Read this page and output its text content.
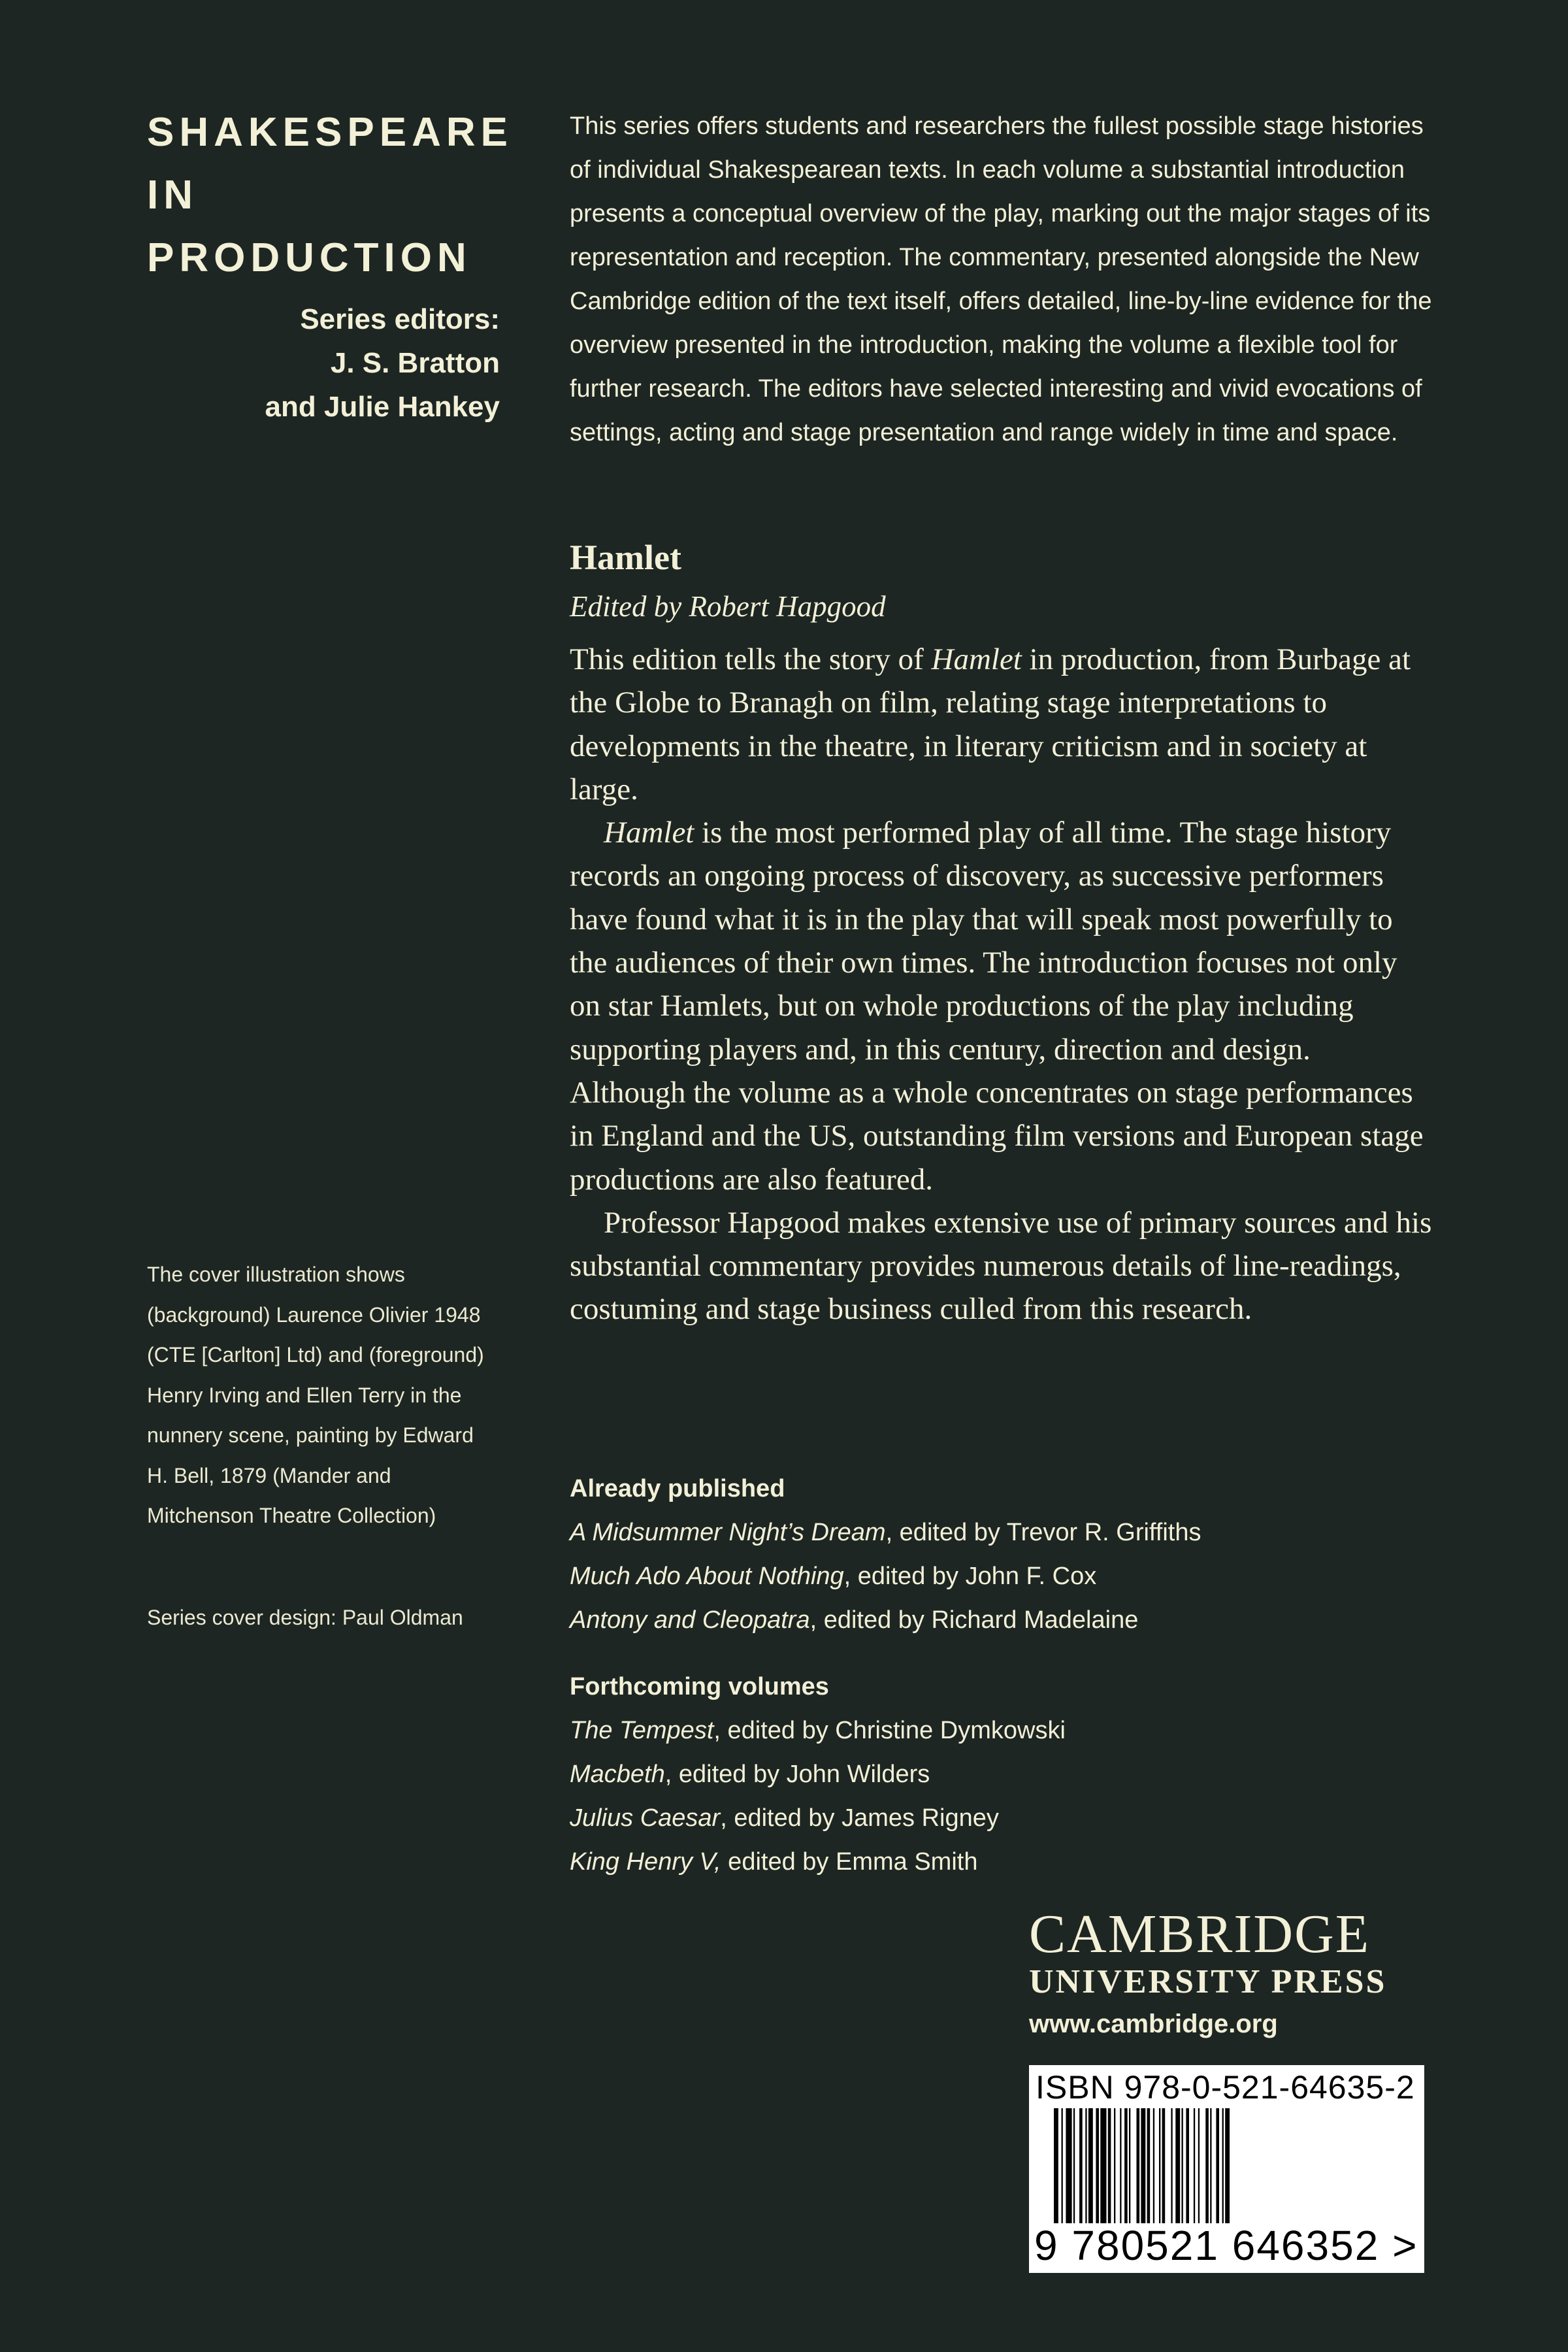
SHAKESPEARE
IN PRODUCTION
Series editors:
J. S. Bratton
and Julie Hankey
The cover illustration shows (background) Laurence Olivier 1948 (CTE [Carlton] Ltd) and (foreground) Henry Irving and Ellen Terry in the nunnery scene, painting by Edward H. Bell, 1879 (Mander and Mitchenson Theatre Collection)
Series cover design: Paul Oldman

This series offers students and researchers the fullest possible stage histories of individual Shakespearean texts. In each volume a substantial introduction presents a conceptual overview of the play, marking out the major stages of its representation and reception. The commentary, presented alongside the New Cambridge edition of the text itself, offers detailed, line-by-line evidence for the overview presented in the introduction, making the volume a flexible tool for further research. The editors have selected interesting and vivid evocations of settings, acting and stage presentation and range widely in time and space.

Hamlet
Edited by Robert Hapgood

This edition tells the story of Hamlet in production, from Burbage at the Globe to Branagh on film, relating stage interpretations to developments in the theatre, in literary criticism and in society at large.

Hamlet is the most performed play of all time. The stage history records an ongoing process of discovery, as successive performers have found what it is in the play that will speak most powerfully to the audiences of their own times. The introduction focuses not only on star Hamlets, but on whole productions of the play including supporting players and, in this century, direction and design. Although the volume as a whole concentrates on stage performances in England and the US, outstanding film versions and European stage productions are also featured.

Professor Hapgood makes extensive use of primary sources and his substantial commentary provides numerous details of line-readings, costuming and stage business culled from this research.

Already published
A Midsummer Night’s Dream, edited by Trevor R. Griffiths
Much Ado About Nothing, edited by John F. Cox
Antony and Cleopatra, edited by Richard Madelaine
Forthcoming volumes
The Tempest, edited by Christine Dymkowski
Macbeth, edited by John Wilders
Julius Caesar, edited by James Rigney
King Henry V, edited by Emma Smith
CAMBRIDGE
UNIVERSITY PRESS
www.cambridge.org
ISBN 978-0-521-64635-2
9 780521 646352 >
